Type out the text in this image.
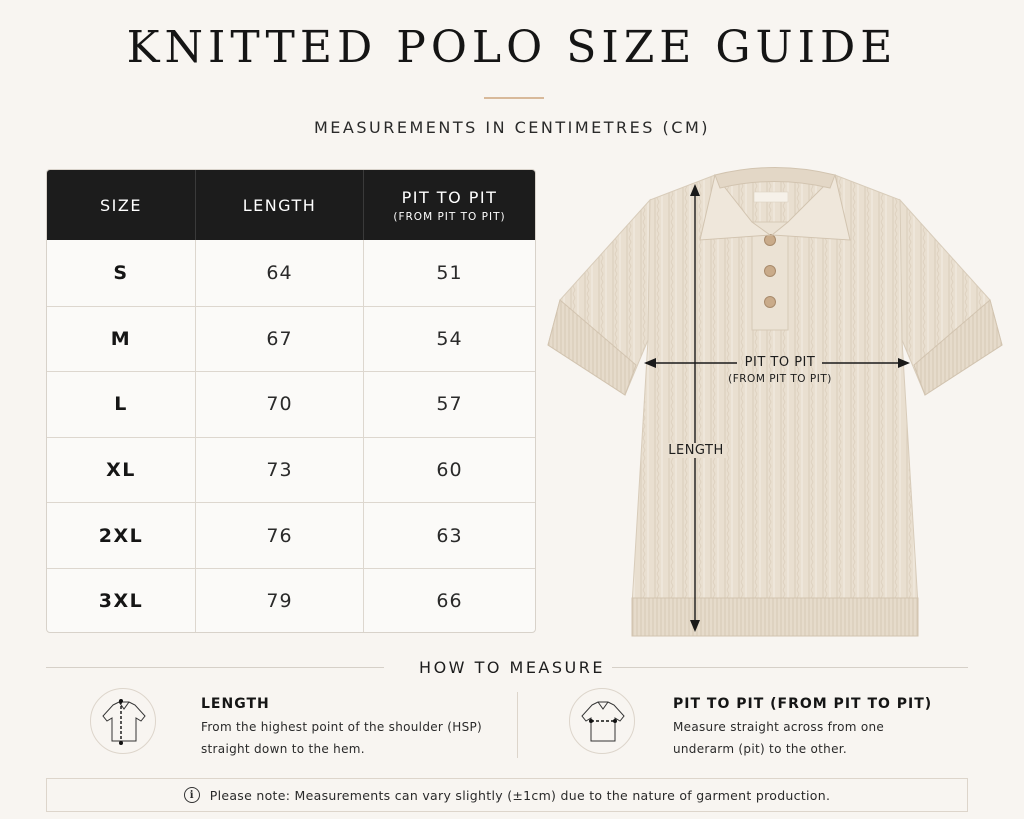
KNITTED POLO SIZE GUIDE
MEASUREMENTS IN CENTIMETRES (CM)
SIZE	LENGTH	PIT TO PIT
(FROM PIT TO PIT)
S	64	51
M	67	54
L	70	57
XL	73	60
2XL	76	63
3XL	79	66
PIT TO PIT
(FROM PIT TO PIT)
LENGTH
HOW TO MEASURE
LENGTH
From the highest point of the shoulder (HSP)
straight down to the hem.
PIT TO PIT (FROM PIT TO PIT)
Measure straight across from one
underarm (pit) to the other.
i	Please note: Measurements can vary slightly (±1cm) due to the nature of garment production.
